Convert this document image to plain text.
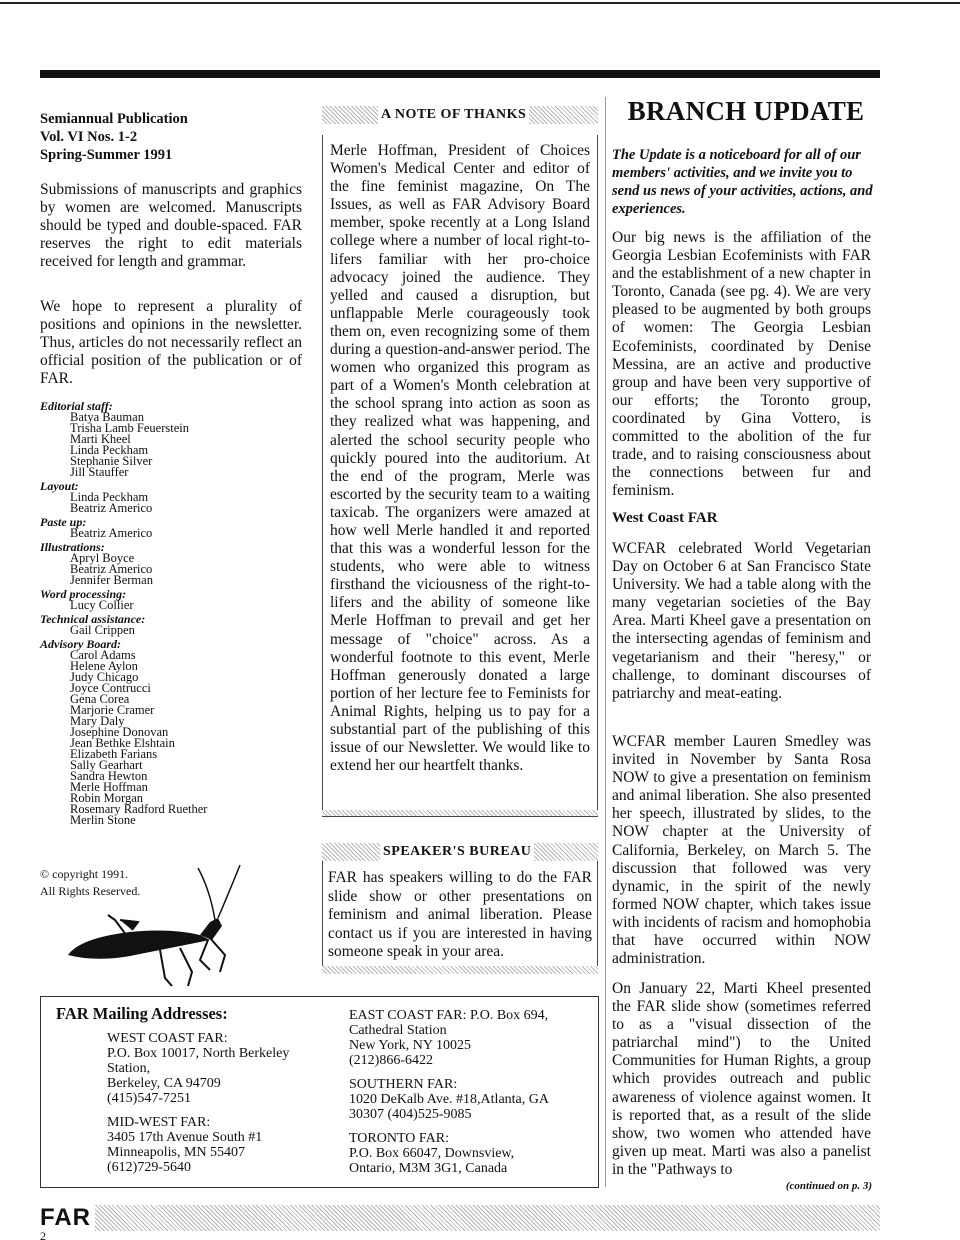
Semiannual Publication
Vol. VI Nos. 1-2
Spring-Summer 1991

Submissions of manuscripts and graphics by women are welcomed. Manuscripts should be typed and double-spaced. FAR reserves the right to edit materials received for length and grammar.

We hope to represent a plurality of positions and opinions in the newsletter. Thus, articles do not necessarily reflect an official position of the publication or of FAR.

Editorial staff:
Batya Bauman
Trisha Lamb Feuerstein
Marti Kheel
Linda Peckham
Stephanie Silver
Jill Stauffer
Layout:
Linda Peckham
Beatriz Americo
Paste up:
Beatriz Americo
Illustrations:
Apryl Boyce
Beatriz Americo
Jennifer Berman
Word processing:
Lucy Collier
Technical assistance:
Gail Crippen
Advisory Board:
Carol Adams
Helene Aylon
Judy Chicago
Joyce Contrucci
Gena Corea
Marjorie Cramer
Mary Daly
Josephine Donovan
Jean Bethke Elshtain
Elizabeth Farians
Sally Gearhart
Sandra Hewton
Merle Hoffman
Robin Morgan
Rosemary Radford Ruether
Merlin Stone
© copyright 1991.
All Rights Reserved.
A NOTE OF THANKS
Merle Hoffman, President of Choices Women's Medical Center and editor of the fine feminist magazine, On The Issues, as well as FAR Advisory Board member, spoke recently at a Long Island college where a number of local right-to-lifers familiar with her pro-choice advocacy joined the audience. They yelled and caused a disruption, but unflappable Merle courageously took them on, even recognizing some of them during a question-and-answer period. The women who organized this program as part of a Women's Month celebration at the school sprang into action as soon as they realized what was happening, and alerted the school security people who quickly poured into the auditorium. At the end of the program, Merle was escorted by the security team to a waiting taxicab. The organizers were amazed at how well Merle handled it and reported that this was a wonderful lesson for the students, who were able to witness firsthand the viciousness of the right-to-lifers and the ability of someone like Merle Hoffman to prevail and get her message of "choice" across. As a wonderful footnote to this event, Merle Hoffman generously donated a large portion of her lecture fee to Feminists for Animal Rights, helping us to pay for a substantial part of the publishing of this issue of our Newsletter. We would like to extend her our heartfelt thanks.
SPEAKER'S BUREAU
FAR has speakers willing to do the FAR slide show or other presentations on feminism and animal liberation. Please contact us if you are interested in having someone speak in your area.
BRANCH UPDATE
The Update is a noticeboard for all of our members' activities, and we invite you to send us news of your activities, actions, and experiences.

Our big news is the affiliation of the Georgia Lesbian Ecofeminists with FAR and the establishment of a new chapter in Toronto, Canada (see pg. 4). We are very pleased to be augmented by both groups of women: The Georgia Lesbian Ecofeminists, coordinated by Denise Messina, are an active and productive group and have been very supportive of our efforts; the Toronto group, coordinated by Gina Vottero, is committed to the abolition of the fur trade, and to raising consciousness about the connections between fur and feminism.

West Coast FAR

WCFAR celebrated World Vegetarian Day on October 6 at San Francisco State University. We had a table along with the many vegetarian societies of the Bay Area. Marti Kheel gave a presentation on the intersecting agendas of feminism and vegetarianism and their "heresy," or challenge, to dominant discourses of patriarchy and meat-eating.

WCFAR member Lauren Smedley was invited in November by Santa Rosa NOW to give a presentation on feminism and animal liberation. She also presented her speech, illustrated by slides, to the NOW chapter at the University of California, Berkeley, on March 5. The discussion that followed was very dynamic, in the spirit of the newly formed NOW chapter, which takes issue with incidents of racism and homophobia that have occurred within NOW administration.

On January 22, Marti Kheel presented the FAR slide show (sometimes referred to as a "visual dissection of the patriarchal mind") to the United Communities for Human Rights, a group which provides outreach and public awareness of violence against women. It is reported that, as a result of the slide show, two women who attended have given up meat. Marti was also a panelist in the "Pathways to

(continued on p. 3)
FAR Mailing Addresses:
WEST COAST FAR:
P.O. Box 10017, North Berkeley
Station,
Berkeley, CA 94709
(415)547-7251
MID-WEST FAR:
3405 17th Avenue South #1
Minneapolis, MN 55407
(612)729-5640
EAST COAST FAR: P.O. Box 694,
Cathedral Station
New York, NY 10025
(212)866-6422
SOUTHERN FAR:
1020 DeKalb Ave. #18,Atlanta, GA
30307 (404)525-9085
TORONTO FAR:
P.O. Box 66047, Downsview,
Ontario, M3M 3G1, Canada
FAR
2
